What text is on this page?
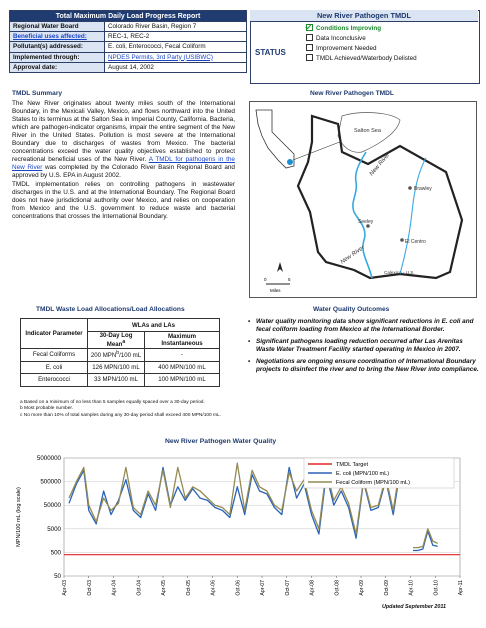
Total Maximum Daily Load Progress Report	
Regional Water Board	Colorado River Basin, Region 7
Beneficial uses affected:	REC-1, REC-2
Pollutant(s) addressed:	E. coli, Enterococci, Fecal Coliform
Implemented through:	NPDES Permits, 3rd Party (USIBWC)
Approval date:	August 14, 2002
New River Pathogen TMDL
STATUS
Conditions Improving
Data Inconclusive
Improvement Needed
TMDL Achieved/Waterbody Delisted
TMDL Summary

The New River originates about twenty miles south of the International Boundary, in the Mexicali Valley, Mexico, and flows northward into the United States to its terminus at the Salton Sea in Imperial County, California. Bacteria, which are pathogen-indicator organisms, impair the entire segment of the New River in the United States. Pollution is most severe at the International Boundary due to discharges of wastes from Mexico. The bacterial concentrations exceed the water quality objectives established to protect recreational beneficial uses of the New River. A TMDL for pathogens in the New River was completed by the Colorado River Basin Regional Board and approved by U.S. EPA in August 2002.

TMDL implementation relies on controlling pathogens in wastewater discharges in the U.S. and at the International Boundary. The Regional Board does not have jurisdictional authority over Mexico, and relies on cooperation from Mexico and the U.S. government to reduce waste and bacterial concentrations that crosses the International Boundary.

New River Pathogen TMDL
Salton Sea
Brawley
Seeley
El Centro
Calexico - U.S.
New River
New River
0	5
Miles
TMDL Waste Load Allocations/Load Allocations
Indicator Parameter	WLAs and LAs	
	30-Day Log Mean$^a$	Maximum Instantaneous
Fecal Coliforms	200 MPN$^b$/100 mL	-
E. coli	126 MPN/100 mL	400 MPN/100 mL
Enterococci	33 MPN/100 mL	100 MPN/100 mL
a Based on a minimum of no less than 5 samples equally spaced over a 30-day period.
b Most probable number.
c No more than 10% of total samples during any 30-day period shall exceed 400 MPN/100 mL.
Water Quality Outcomes
▪ Water quality monitoring data show significant reductions in E. coli and fecal coliform loading from Mexico at the International Border.
▪ Significant pathogens loading reduction occurred after Las Arenitas Waste Water Treatment Facility started operating in Mexico in 2007.
▪ Negotiations are ongoing ensure coordination of International Boundary projects to disinfect the river and to bring the New River into compliance.
New River Pathogen Water Quality
50
500
5000
50000
500000
5000000
Apr-03	Oct-03	Apr-04	Oct-04	Apr-05	Oct-05	Apr-06	Oct-06	Apr-07	Oct-07	Apr-08	Oct-08	Apr-09	Oct-09	Apr-10	Oct-10	Apr-11
MPN/100 mL (log scale)
TMDL Target
E. coli (MPN/100 mL)
Fecal Coliform (MPN/100 mL)
Updated September 2011
